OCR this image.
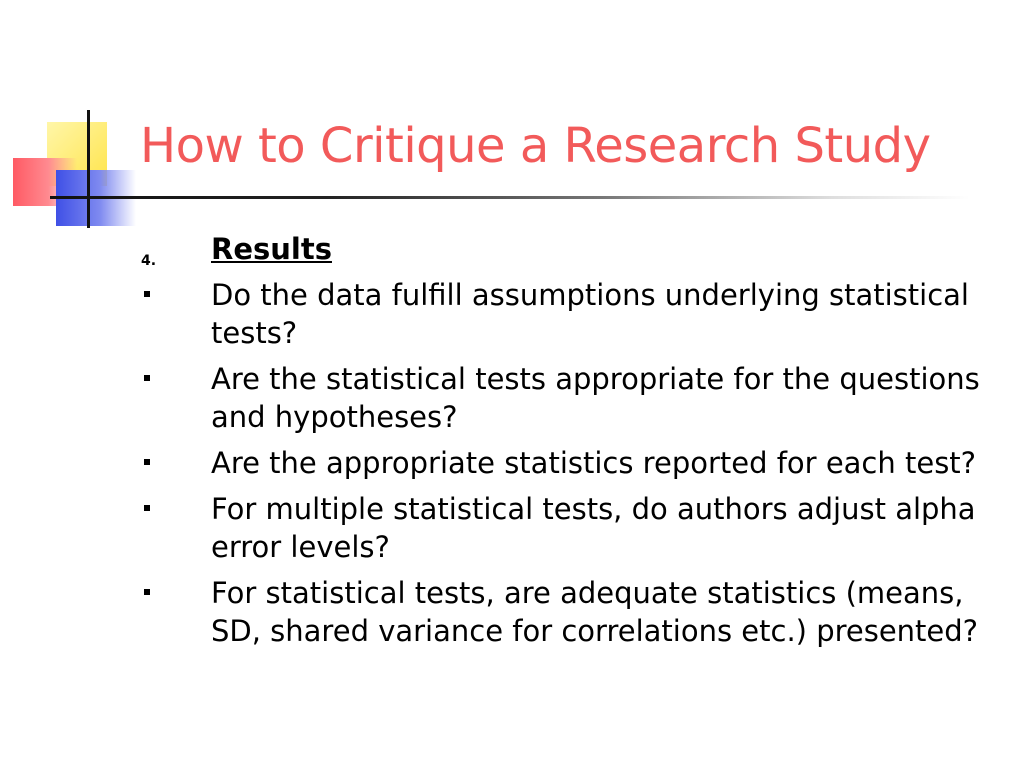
How to Critique a Research Study
4. Results
Do the data fulfill assumptions underlying statistical tests?
Are the statistical tests appropriate for the questions and hypotheses?
Are the appropriate statistics reported for each test?
For multiple statistical tests, do authors adjust alpha error levels?
For statistical tests, are adequate statistics (means, SD, shared variance for correlations etc.) presented?
